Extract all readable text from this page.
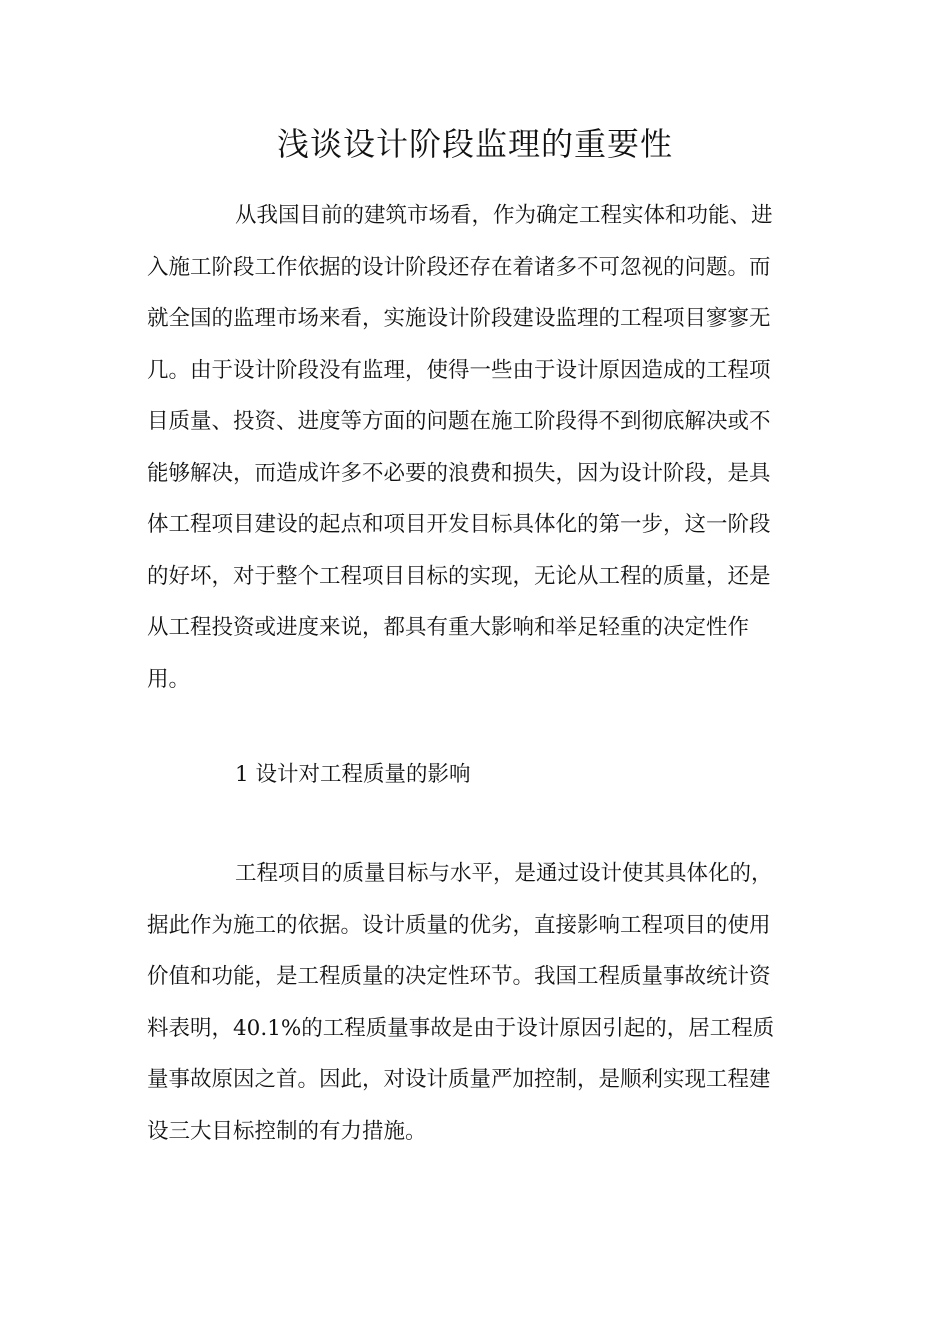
浅谈设计阶段监理的重要性
从我国目前的建筑市场看，作为确定工程实体和功能、进
入施工阶段工作依据的设计阶段还存在着诸多不可忽视的问题。而
就全国的监理市场来看，实施设计阶段建设监理的工程项目寥寥无
几。由于设计阶段没有监理，使得一些由于设计原因造成的工程项
目质量、投资、进度等方面的问题在施工阶段得不到彻底解决或不
能够解决，而造成许多不必要的浪费和损失，因为设计阶段，是具
体工程项目建设的起点和项目开发目标具体化的第一步，这一阶段
的好坏，对于整个工程项目目标的实现，无论从工程的质量，还是
从工程投资或进度来说，都具有重大影响和举足轻重的决定性作
用。
1 设计对工程质量的影响
工程项目的质量目标与水平，是通过设计使其具体化的，
据此作为施工的依据。设计质量的优劣，直接影响工程项目的使用
价值和功能，是工程质量的决定性环节。我国工程质量事故统计资
料表明，40.1%的工程质量事故是由于设计原因引起的，居工程质
量事故原因之首。因此，对设计质量严加控制，是顺利实现工程建
设三大目标控制的有力措施。
